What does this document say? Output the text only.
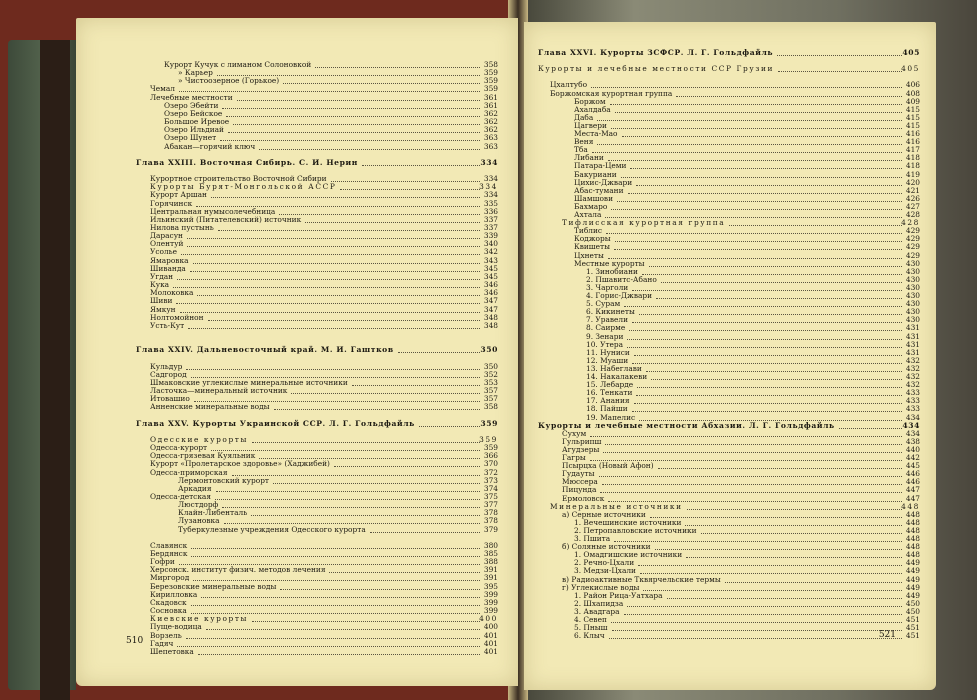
Курорт Кучук с лиманом Солоновкой	358
» Карьер	359
» Чистоозерное (Горькое)	359
Чемал	359
Лечебные местности	361
Озеро Эбейти	361
Озеро Бейское	362
Большое Иревое	362
Озеро Ильдиай	362
Озеро Шунет	363
Абакан—горячий ключ	363
Глава XXIII. Восточная Сибирь. С. И. Нерин	334
Курортное строительство Восточной Сибири	334
Курорты Бурят-Монгольской АССР	334
Курорт Аршан	334
Горячинск	335
Центральная нумысолечебница	336
Ильинский (Питателевский) источник	337
Нилова пустынь	337
Дарасун	339
Олентуй	340
Усолье	342
Ямаровка	343
Шиванда	345
Угдан	345
Кука	346
Молоковка	346
Шиви	347
Ямкун	347
Нолтомойнон	348
Усть-Кут	348
Глава XXIV. Дальневосточный край. М. И. Гаштков	350
Кульдур	350
Садгород	352
Шмаковские углекислые минеральные источники	353
Ласточка—минеральный источник	357
Итовашио	357
Анненские минеральные воды	358
Глава XXV. Курорты Украинской ССР. Л. Г. Гольдфайль	359
Одесские курорты	359
Одесса-курорт	359
Одесса-грязевая Куяльник	366
Курорт «Пролетарское здоровье» (Хаджибей)	370
Одесса-приморская	372
Лермонтовский курорт	373
Аркадия	374
Одесса-детская	375
Люстдорф	377
Клайн-Либенталь	378
Лузановка	378
Туберкулезные учреждения Одесского курорта	379
Славянск	380
Бердянск	385
Гофри	388
Херсонск. институт физич. методов лечения	391
Миргород	391
Березовские минеральные воды	395
Кирилловка	399
Скадовск	399
Сосновка	399
Киевские курорты	400
Пуще-водица	400
Ворзель	401
Гадяч	401
Шепетовка	401
510
Глава XXVI. Курорты ЗСФСР. Л. Г. Гольдфайль	405
Курорты и лечебные местности ССР Грузии	405
Цхалтубо	406
Боржомская курортная группа	408
Боржом	409
Ахалдаба	415
Даба	415
Цагвери	415
Места-Мао	416
Веня	416
Тба	417
Либани	418
Патара-Цеми	418
Бакуриани	419
Цихис-Джвари	420
Абас-тумани	421
Шамшови	426
Бахмаро	427
Ахтала	428
Тифлисская курортная группа	428
Тиблис	429
Коджоры	429
Квишеты	429
Цхнеты	429
Местные курорты	430
1. Зинобиани	430
2. Пшавитс-Абано	430
3. Чарголи	430
4. Горис-Джвари	430
5. Сурам	430
6. Кикинеты	430
7. Уравели	430
8. Саирме	431
9. Зенари	431
10. Утера	431
11. Нуниси	431
12. Муаши	432
13. Набеглави	432
14. Накалакеви	432
15. Лебарде	432
16. Тенкати	433
17. Анания	433
18. Пайши	433
19. Мапелис	434
Курорты и лечебные местности Абхазии. Л. Г. Гольдфайль	434
Сухум	434
Гульрипш	438
Агудзеры	440
Гагры	442
Псырцха (Новый Афон)	445
Гудауты	446
Мюссера	446
Пицунда	447
Ермоловск	447
Минеральные источники	448
а) Серные источники	448
1. Вечешинские источники	448
2. Петропавловские источники	448
3. Пшита	448
б) Соляные источники	448
1. Омадгишские источники	448
2. Речно-Цхали	449
3. Медзи-Цхали	449
в) Радиоактивные Тквярчельские термы	449
г) Углекислые воды	449
1. Район Рица-Уатхара	449
2. Шхапидза	450
3. Авадгара	450
4. Севеп	451
5. Пныш	451
6. Клыч	451
521
